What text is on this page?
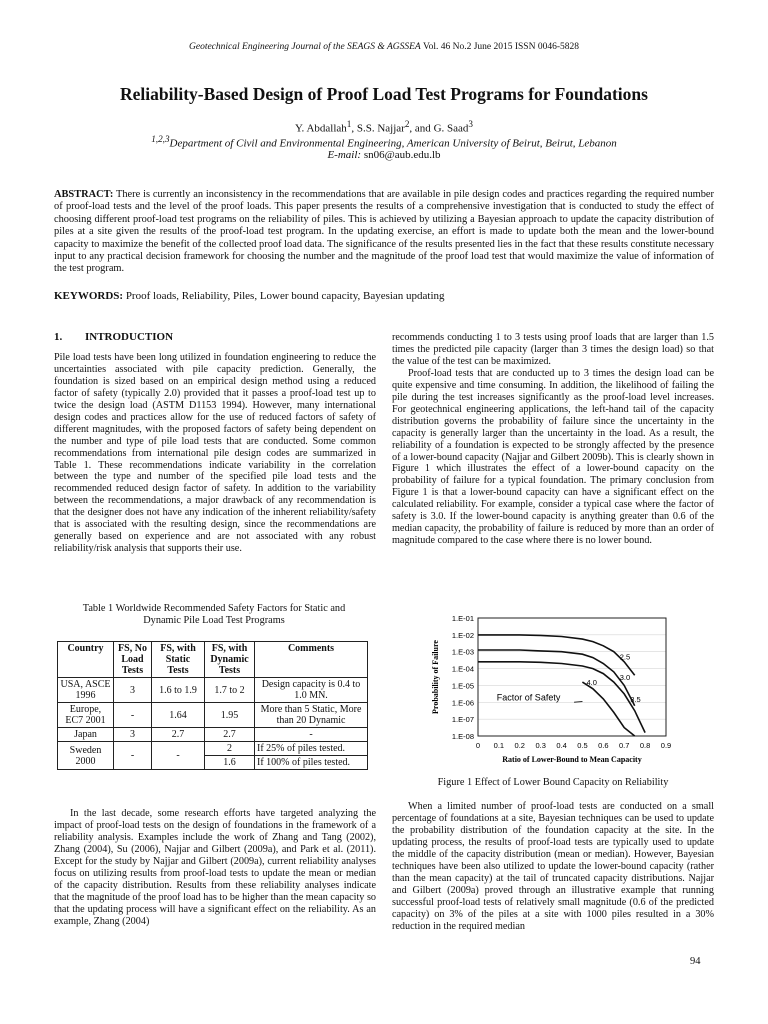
Geotechnical Engineering Journal of the SEAGS & AGSSEA Vol. 46 No.2 June 2015 ISSN 0046-5828
Reliability-Based Design of Proof Load Test Programs for Foundations
Y. Abdallah$^1$, S.S. Najjar$^2$, and G. Saad$^3$
$^{1,2,3}$Department of Civil and Environmental Engineering, American University of Beirut, Beirut, Lebanon
E-mail: sn06@aub.edu.lb
ABSTRACT: There is currently an inconsistency in the recommendations that are available in pile design codes and practices regarding the required number of proof-load tests and the level of the proof loads. This paper presents the results of a comprehensive investigation that is conducted to study the effect of choosing different proof-load test programs on the reliability of piles. This is achieved by utilizing a Bayesian approach to update the capacity distribution of piles at a site given the results of the proof-load test program. In the updating exercise, an effort is made to update both the mean and the lower-bound capacity to maximize the benefit of the collected proof load data. The significance of the results presented lies in the fact that these results constitute necessary input to any practical decision framework for choosing the number and the magnitude of the proof load test that would maximize the value of information of the test program.
KEYWORDS: Proof loads, Reliability, Piles, Lower bound capacity, Bayesian updating
1. INTRODUCTION

Pile load tests have been long utilized in foundation engineering to reduce the uncertainties associated with pile capacity prediction. Generally, the foundation is sized based on an empirical design method using a reduced factor of safety (typically 2.0) provided that it passes a proof-load test up to twice the design load (ASTM D1153 1994). However, many international design codes and practices allow for the use of reduced factors of safety of different magnitudes, with the proposed factors of safety being dependent on the number and type of pile load tests that are conducted. Some common recommendations from international pile design codes are summarized in Table 1. These recommendations indicate variability in the correlation between the type and number of the specified pile load tests and the recommended reduced design factor of safety. In addition to the variability between the recommendations, a major drawback of any recommendation is that the designer does not have any indication of the inherent reliability/safety that is associated with the resulting design, since the recommendations are generally based on experience and are not associated with any robust reliability/risk analysis that supports their use.

Table 1 Worldwide Recommended Safety Factors for Static and Dynamic Pile Load Test Programs
Country	FS, No Load Tests	FS, with Static Tests	FS, with Dynamic Tests	Comments
USA, ASCE 1996	3	1.6 to 1.9	1.7 to 2	Design capacity is 0.4 to 1.0 MN.
Europe, EC7 2001	-	1.64	1.95	More than 5 Static, More than 20 Dynamic
Japan	3	2.7	2.7	-
Sweden 2000	-	-	2	If 25% of piles tested.
			1.6	If 100% of piles tested.

In the last decade, some research efforts have targeted analyzing the impact of proof-load tests on the design of foundations in the framework of a reliability analysis. Examples include the work of Zhang and Tang (2002), Zhang (2004), Su (2006), Najjar and Gilbert (2009a), and Park et al. (2011). Except for the study by Najjar and Gilbert (2009a), current reliability analyses focus on utilizing results from proof-load tests to update the mean or median of the capacity distribution. Results from these reliability analyses indicate that the magnitude of the proof load has to be higher than the mean capacity so that the updating process will have a significant effect on the reliability. As an example, Zhang (2004)

recommends conducting 1 to 3 tests using proof loads that are larger than 1.5 times the predicted pile capacity (larger than 3 times the design load) so that the value of the test can be maximized.

Proof-load tests that are conducted up to 3 times the design load can be quite expensive and time consuming. In addition, the likelihood of failing the pile during the test increases significantly as the proof-load level increases. For geotechnical engineering applications, the left-hand tail of the capacity distribution governs the probability of failure since the uncertainty in the capacity is generally larger than the uncertainty in the load. As a result, the reliability of a foundation is expected to be strongly affected by the presence of a lower-bound capacity (Najjar and Gilbert 2009b). This is clearly shown in Figure 1 which illustrates the effect of a lower-bound capacity on the probability of failure for a typical foundation. The primary conclusion from Figure 1 is that a lower-bound capacity can have a significant effect on the calculated reliability. For example, consider a typical case where the factor of safety is 3.0. If the lower-bound capacity is anything greater than 0.6 of the median capacity, the probability of failure is reduced by more than an order of magnitude compared to the case where there is no lower bound.

1.E-01
1.E-02
1.E-03
1.E-04
1.E-05
1.E-06
1.E-07
1.E-08
0 0.1 0.2 0.3 0.4 0.5 0.6 0.7 0.8 0.9
2.5
3.0
3.5
4.0
Factor of Safety
Ratio of Lower-Bound to Mean Capacity
Probability of Failure
Figure 1 Effect of Lower Bound Capacity on Reliability

When a limited number of proof-load tests are conducted on a small percentage of foundations at a site, Bayesian techniques can be used to update the probability distribution of the foundation capacity at the site. In the updating process, the results of proof-load tests are typically used to update the middle of the capacity distribution (mean or median). However, Bayesian techniques have been also utilized to update the lower-bound capacity (rather than the mean capacity) at the tail of truncated capacity distributions. Najjar and Gilbert (2009a) proved through an illustrative example that running successful proof-load tests of relatively small magnitude (0.6 of the predicted capacity) on 3% of the piles at a site with 1000 piles resulted in a 30% reduction in the required median

94
